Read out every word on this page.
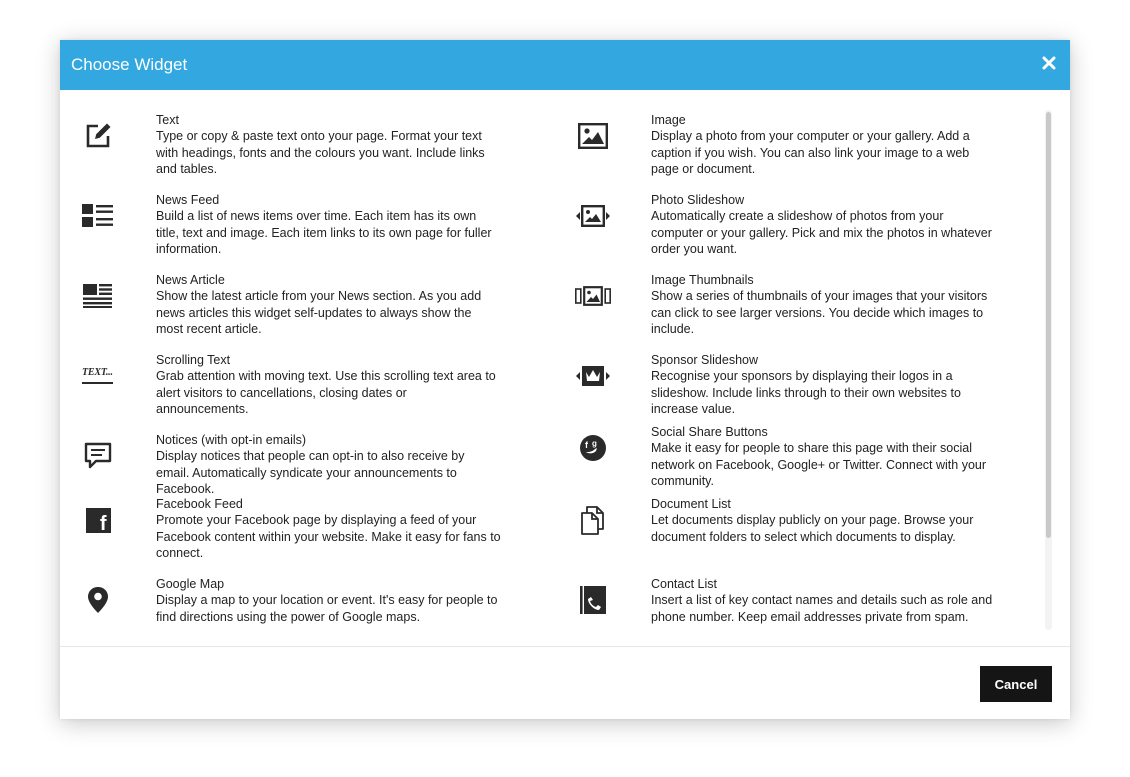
Choose Widget
Text
Type or copy & paste text onto your page. Format your text with headings, fonts and the colours you want. Include links and tables.
News Feed
Build a list of news items over time. Each item has its own title, text and image. Each item links to its own page for fuller information.
News Article
Show the latest article from your News section. As you add news articles this widget self-updates to always show the most recent article.
TEXT...
Scrolling Text
Grab attention with moving text. Use this scrolling text area to alert visitors to cancellations, closing dates or announcements.
Notices (with opt-in emails)
Display notices that people can opt-in to also receive by email. Automatically syndicate your announcements to Facebook.
f
Facebook Feed
Promote your Facebook page by displaying a feed of your Facebook content within your website. Make it easy for fans to connect.
Google Map
Display a map to your location or event. It's easy for people to find directions using the power of Google maps.
Image
Display a photo from your computer or your gallery. Add a caption if you wish. You can also link your image to a web page or document.
Photo Slideshow
Automatically create a slideshow of photos from your computer or your gallery. Pick and mix the photos in whatever order you want.
Image Thumbnails
Show a series of thumbnails of your images that your visitors can click to see larger versions. You decide which images to include.
Sponsor Slideshow
Recognise your sponsors by displaying their logos in a slideshow. Include links through to their own websites to increase value.
f g
Social Share Buttons
Make it easy for people to share this page with their social network on Facebook, Google+ or Twitter. Connect with your community.
Document List
Let documents display publicly on your page. Browse your document folders to select which documents to display.
Contact List
Insert a list of key contact names and details such as role and phone number. Keep email addresses private from spam.
Cancel
